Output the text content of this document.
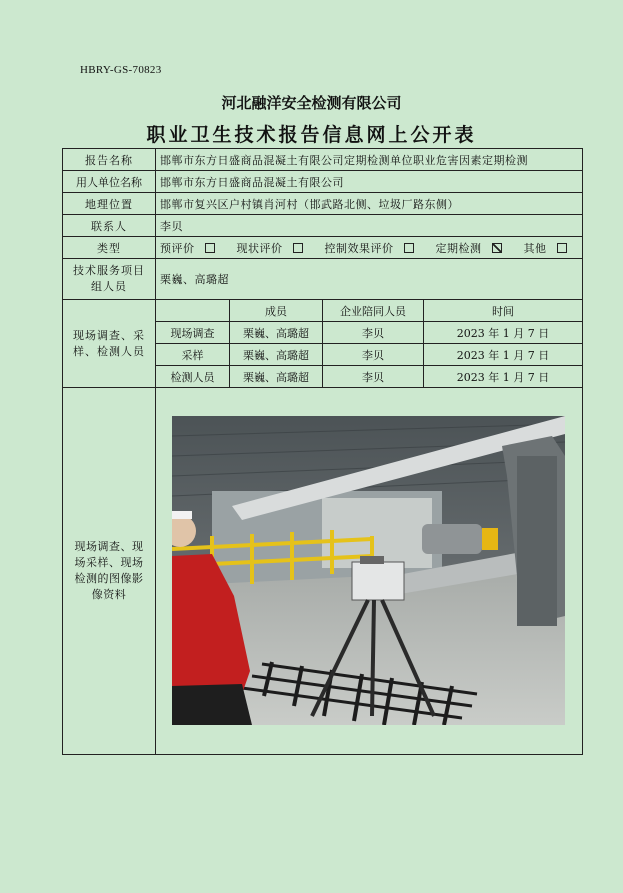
HBRY-GS-70823
河北融洋安全检测有限公司
职业卫生技术报告信息网上公开表
报告名称	邯郸市东方日盛商品混凝土有限公司定期检测单位职业危害因素定期检测			
用人单位名称	邯郸市东方日盛商品混凝土有限公司			
地理位置	邯郸市复兴区户村镇肖河村（邯武路北侧、垃圾厂路东侧）			
联系人	李贝			
类型	预评价 现状评价 控制效果评价 定期检测 其他			
技术服务项目组人员	栗巍、高璐超			
现场调查、采样、检测人员		成员	企业陪同人员	时间
	现场调查	栗巍、高璐超	李贝	2023 年 1 月 7 日
	采样	栗巍、高璐超	李贝	2023 年 1 月 7 日
	检测人员	栗巍、高璐超	李贝	2023 年 1 月 7 日
现场调查、现场采样、现场检测的图像影像资料	
